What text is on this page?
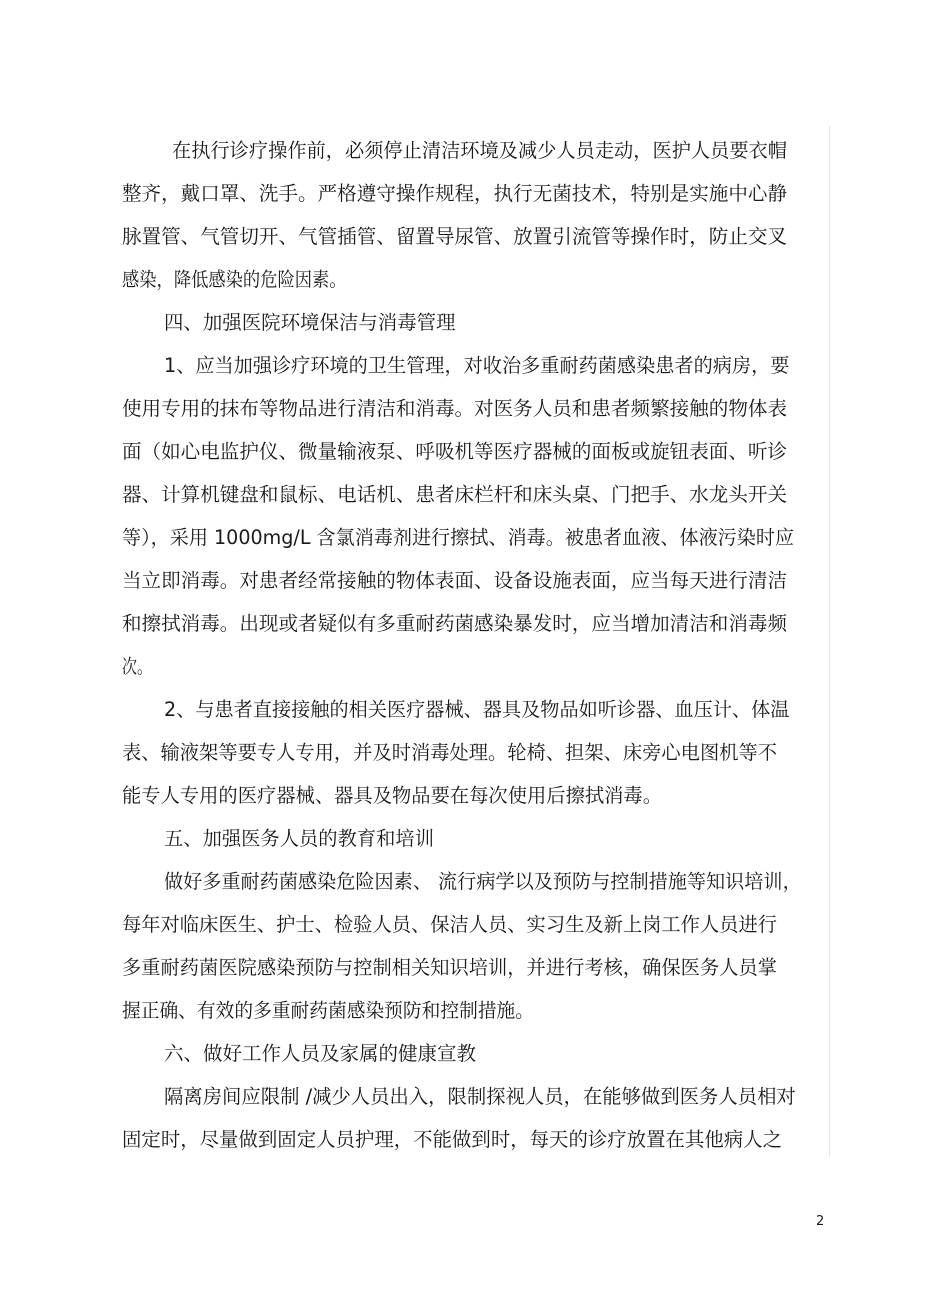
在执行诊疗操作前，必须停止清洁环境及减少人员走动，医护人员要衣帽
整齐，戴口罩、洗手。严格遵守操作规程，执行无菌技术，特别是实施中心静
脉置管、气管切开、气管插管、留置导尿管、放置引流管等操作时，防止交叉
感染，降低感染的危险因素。
四、加强医院环境保洁与消毒管理
1、应当加强诊疗环境的卫生管理，对收治多重耐药菌感染患者的病房，要
使用专用的抹布等物品进行清洁和消毒。对医务人员和患者频繁接触的物体表
面（如心电监护仪、微量输液泵、呼吸机等医疗器械的面板或旋钮表面、听诊
器、计算机键盘和鼠标、电话机、患者床栏杆和床头桌、门把手、水龙头开关
等），采用 1000mg/L 含氯消毒剂进行擦拭、消毒。被患者血液、体液污染时应
当立即消毒。对患者经常接触的物体表面、设备设施表面，应当每天进行清洁
和擦拭消毒。出现或者疑似有多重耐药菌感染暴发时，应当增加清洁和消毒频
次。
2、与患者直接接触的相关医疗器械、器具及物品如听诊器、血压计、体温
表、输液架等要专人专用，并及时消毒处理。轮椅、担架、床旁心电图机等不
能专人专用的医疗器械、器具及物品要在每次使用后擦拭消毒。
五、加强医务人员的教育和培训
做好多重耐药菌感染危险因素、 流行病学以及预防与控制措施等知识培训，
每年对临床医生、护士、检验人员、保洁人员、实习生及新上岗工作人员进行
多重耐药菌医院感染预防与控制相关知识培训，并进行考核，确保医务人员掌
握正确、有效的多重耐药菌感染预防和控制措施。
六、做好工作人员及家属的健康宣教
隔离房间应限制 /减少人员出入，限制探视人员，在能够做到医务人员相对
固定时，尽量做到固定人员护理，不能做到时，每天的诊疗放置在其他病人之
2
